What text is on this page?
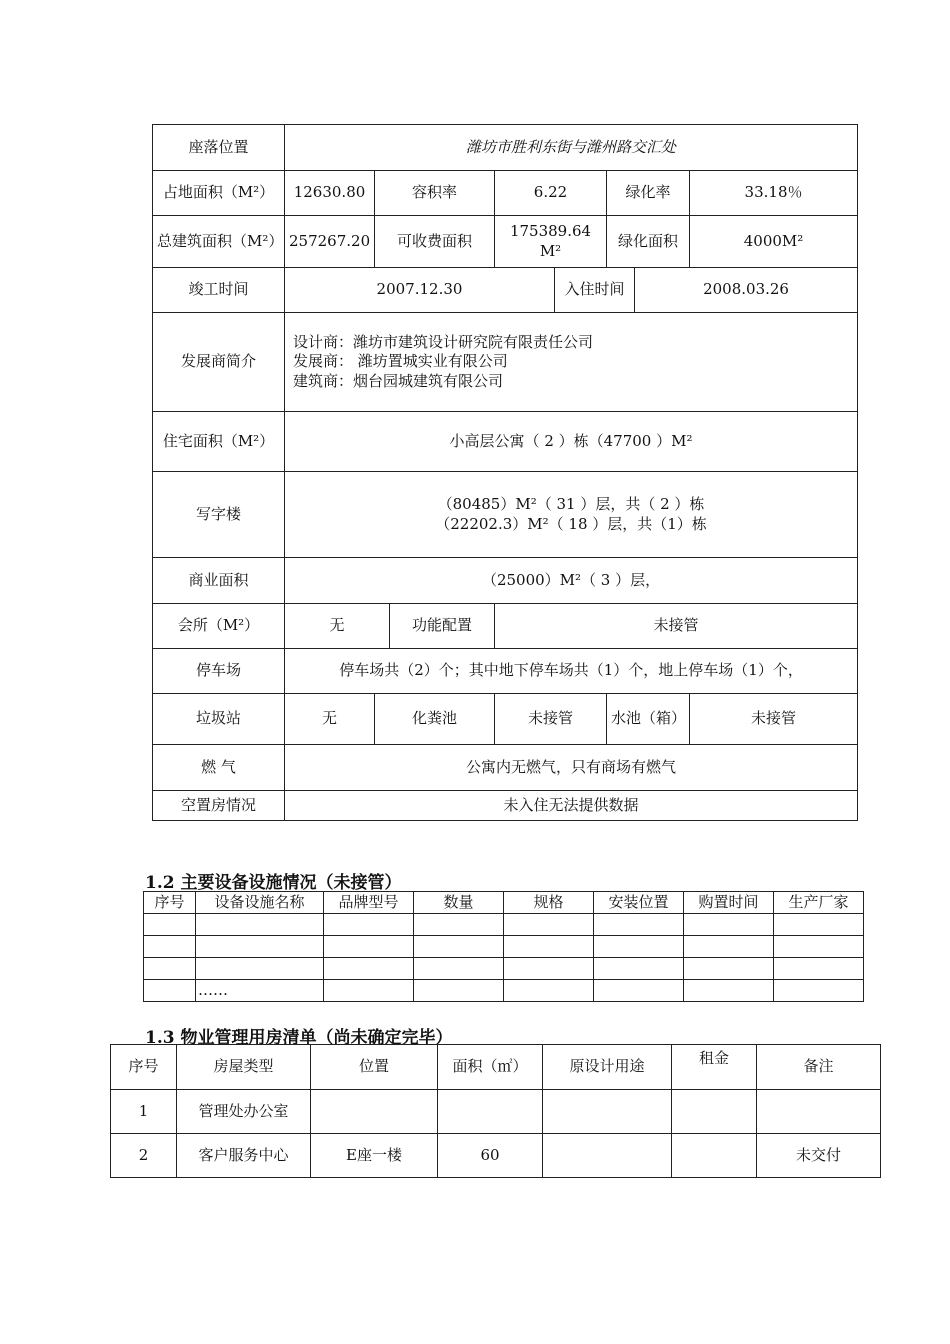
座落位置	潍坊市胜利东街与潍州路交汇处							
占地面积（M²）	12630.80	容积率		6.22		绿化率		33.18％
总建筑面积（M²）	257267.20	可收费面积		175389.64 M²		绿化面积		4000M²
竣工时间	2007.12.30				入住时间		2008.03.26	
发展商简介	设计商：潍坊市建筑设计研究院有限责任公司
发展商： 潍坊置城实业有限公司
建筑商：烟台园城建筑有限公司							

住宅面积（M²）	小高层公寓（ 2 ）栋（47700 ）M²							
写字楼	（80485）M²（ 31 ）层，共（ 2 ）栋
（22202.3）M²（ 18 ）层，共（1）栋							

商业面积	（25000）M²（ 3 ）层，							
会所（M²）	无		功能配置	未接管				
停车场	停车场共（2）个；其中地下停车场共（1）个，地上停车场（1）个，							
垃圾站	无	化粪池		未接管		水池（箱）		未接管
燃 气	公寓内无燃气，只有商场有燃气							
空置房情况	未入住无法提供数据							
1.2 主要设备设施情况（未接管）
序号	设备设施名称	品牌型号	数量	规格	安装位置	购置时间	生产厂家

	……						
1.3 物业管理用房清单（尚未确定完毕）
序号	房屋类型	位置	面积（㎡）	原设计用途	租金	备注
1	管理处办公室					
2	客户服务中心	E座一楼	60			未交付
